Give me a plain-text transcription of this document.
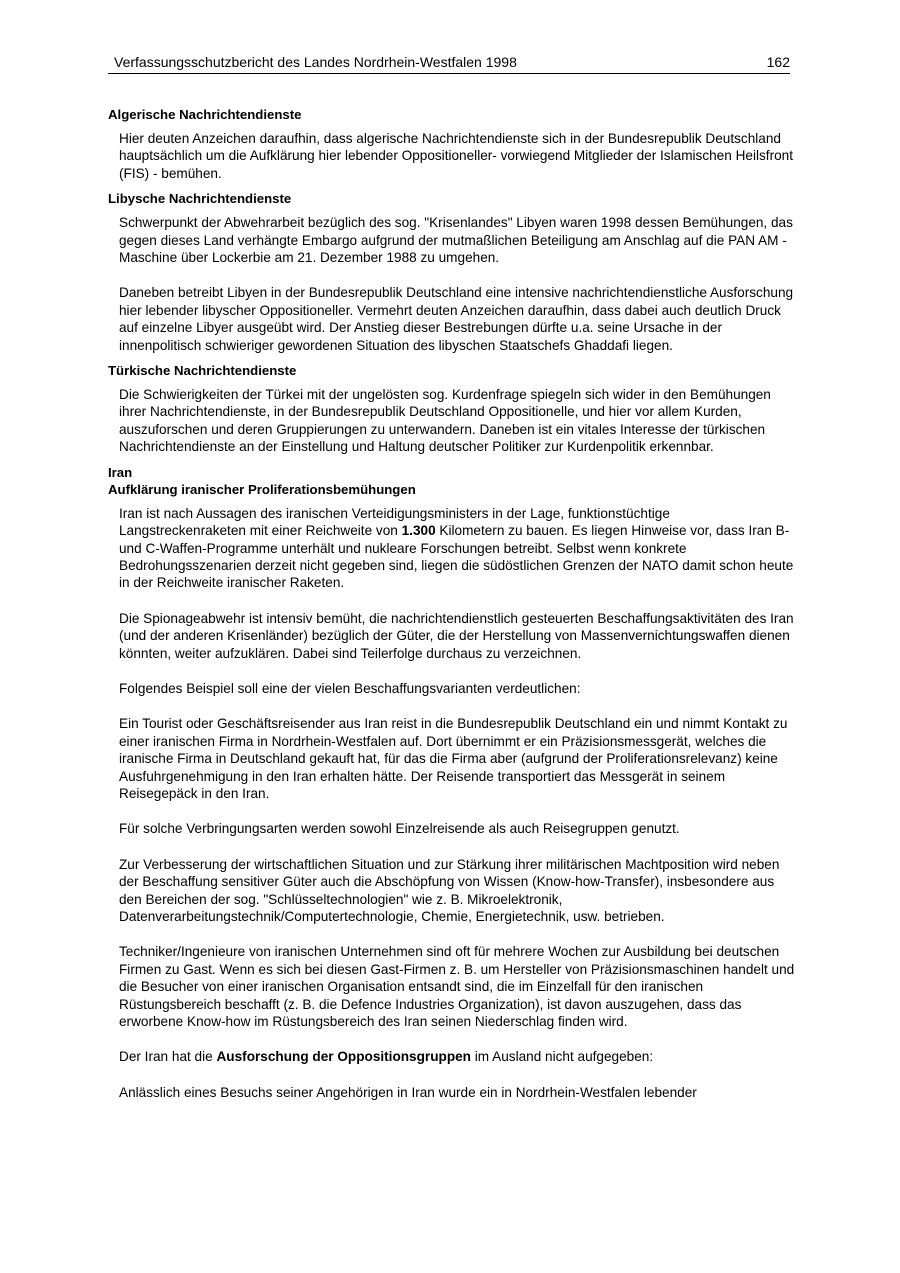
Verfassungsschutzbericht des Landes Nordrhein-Westfalen 1998	162
Algerische Nachrichtendienste

Hier deuten Anzeichen daraufhin, dass algerische Nachrichtendienste sich in der Bundesrepublik Deutschland hauptsächlich um die Aufklärung hier lebender Oppositioneller- vorwiegend Mitglieder der Islamischen Heilsfront (FIS) - bemühen.

Libysche Nachrichtendienste

Schwerpunkt der Abwehrarbeit bezüglich des sog. "Krisenlandes" Libyen waren 1998 dessen Bemühungen, das gegen dieses Land verhängte Embargo aufgrund der mutmaßlichen Beteiligung am Anschlag auf die PAN AM - Maschine über Lockerbie am 21. Dezember 1988 zu umgehen.

Daneben betreibt Libyen in der Bundesrepublik Deutschland eine intensive nachrichtendienstliche Ausforschung hier lebender libyscher Oppositioneller. Vermehrt deuten Anzeichen daraufhin, dass dabei auch deutlich Druck auf einzelne Libyer ausgeübt wird. Der Anstieg dieser Bestrebungen dürfte u.a. seine Ursache in der innenpolitisch schwieriger gewordenen Situation des libyschen Staatschefs Ghaddafi liegen.

Türkische Nachrichtendienste

Die Schwierigkeiten der Türkei mit der ungelösten sog. Kurdenfrage spiegeln sich wider in den Bemühungen ihrer Nachrichtendienste, in der Bundesrepublik Deutschland Oppositionelle, und hier vor allem Kurden, auszuforschen und deren Gruppierungen zu unterwandern. Daneben ist ein vitales Interesse der türkischen Nachrichtendienste an der Einstellung und Haltung deutscher Politiker zur Kurdenpolitik erkennbar.

Iran
Aufklärung iranischer Proliferationsbemühungen

Iran ist nach Aussagen des iranischen Verteidigungsministers in der Lage, funktionstüchtige Langstreckenraketen mit einer Reichweite von 1.300 Kilometern zu bauen. Es liegen Hinweise vor, dass Iran B- und C-Waffen-Programme unterhält und nukleare Forschungen betreibt. Selbst wenn konkrete Bedrohungsszenarien derzeit nicht gegeben sind, liegen die südöstlichen Grenzen der NATO damit schon heute in der Reichweite iranischer Raketen.

Die Spionageabwehr ist intensiv bemüht, die nachrichtendienstlich gesteuerten Beschaffungsaktivitäten des Iran (und der anderen Krisenländer) bezüglich der Güter, die der Herstellung von Massenvernichtungswaffen dienen könnten, weiter aufzuklären. Dabei sind Teilerfolge durchaus zu verzeichnen.

Folgendes Beispiel soll eine der vielen Beschaffungsvarianten verdeutlichen:

Ein Tourist oder Geschäftsreisender aus Iran reist in die Bundesrepublik Deutschland ein und nimmt Kontakt zu einer iranischen Firma in Nordrhein-Westfalen auf. Dort übernimmt er ein Präzisionsmessgerät, welches die iranische Firma in Deutschland gekauft hat, für das die Firma aber (aufgrund der Proliferationsrelevanz) keine Ausfuhrgenehmigung in den Iran erhalten hätte. Der Reisende transportiert das Messgerät in seinem Reisegepäck in den Iran.

Für solche Verbringungsarten werden sowohl Einzelreisende als auch Reisegruppen genutzt.

Zur Verbesserung der wirtschaftlichen Situation und zur Stärkung ihrer militärischen Machtposition wird neben der Beschaffung sensitiver Güter auch die Abschöpfung von Wissen (Know-how-Transfer), insbesondere aus den Bereichen der sog. "Schlüsseltechnologien" wie z. B. Mikroelektronik, Datenverarbeitungstechnik/Computertechnologie, Chemie, Energietechnik, usw. betrieben.

Techniker/Ingenieure von iranischen Unternehmen sind oft für mehrere Wochen zur Ausbildung bei deutschen Firmen zu Gast. Wenn es sich bei diesen Gast-Firmen z. B. um Hersteller von Präzisionsmaschinen handelt und die Besucher von einer iranischen Organisation entsandt sind, die im Einzelfall für den iranischen Rüstungsbereich beschafft (z. B. die Defence Industries Organization), ist davon auszugehen, dass das erworbene Know-how im Rüstungsbereich des Iran seinen Niederschlag finden wird.

Der Iran hat die Ausforschung der Oppositionsgruppen im Ausland nicht aufgegeben:

Anlässlich eines Besuchs seiner Angehörigen in Iran wurde ein in Nordrhein-Westfalen lebender
